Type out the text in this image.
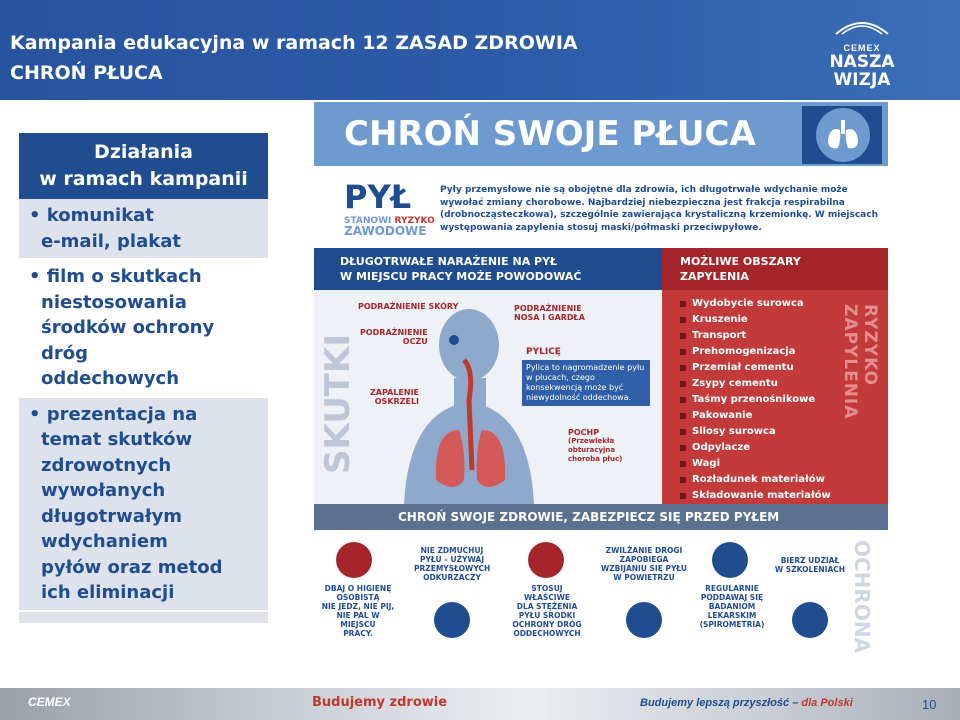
Kampania edukacyjna w ramach 12 ZASAD ZDROWIA
CHROŃ PŁUCA
CEMEX
NASZA
WIZJA
Działania
w ramach kampanii
• komunikat
e-mail, plakat
• film o skutkach
niestosowania
środków ochrony
dróg
oddechowych
• prezentacja na
temat skutków
zdrowotnych
wywołanych
długotrwałym
wdychaniem
pyłów oraz metod
ich eliminacji
CHROŃ SWOJE PŁUCA
PYŁ
STANOWI RYZYKO
ZAWODOWE
Pyły przemysłowe nie są obojętne dla zdrowia, ich długotrwałe wdychanie może wywołać zmiany chorobowe. Najbardziej niebezpieczna jest frakcja respirabilna (drobnocząsteczkowa), szczególnie zawierająca krystaliczną krzemionkę. W miejscach występowania zapylenia stosuj maski/półmaski przeciwpyłowe.
DŁUGOTRWAŁE NARAŻENIE NA PYŁ
W MIEJSCU PRACY MOŻE POWODOWAĆ
MOŻLIWE OBSZARY
ZAPYLENIA
SKUTKI
PODRAŻNIENIE SKÓRY
PODRAŻNIENIE
OCZU
ZAPALENIE
OSKRZELI
PODRAŻNIENIE
NOSA I GARDŁA
PYLICĘ
Pylica to nagromadzenie pyłu w płucach, czego konsekwencją może być niewydolność oddechowa.
POCHP
(Przewlekła obturacyjna
choroba płuc)
Wydobycie surowca
Kruszenie
Transport
Prehomogenizacja
Przemiał cementu
Zsypy cementu
Taśmy przenośnikowe
Pakowanie
Silosy surowca
Odpylacze
Wagi
Rozładunek materiałów
Składowanie materiałów
RYZYKO ZAPYLENIA
CHROŃ SWOJE ZDROWIE, ZABEZPIECZ SIĘ PRZED PYŁEM
OCHRONA
DBAJ O HIGIENĘ
OSOBISTĄ
NIE JEDZ, NIE PIJ,
NIE PAL W MIEJSCU
PRACY.
NIE ZDMUCHUJ
PYŁU – UŻYWAJ
PRZEMYSŁOWYCH
ODKURZACZY
STOSUJ WŁAŚCIWE
DLA STĘŻENIA
PYŁU ŚRODKI
OCHRONY DRÓG
ODDECHOWYCH
ZWILŻANIE DROGI
ZAPOBIEGA
WZBIJANIU SIĘ PYŁU
W POWIETRZU
REGULARNIE
PODDAWAJ SIĘ
BADANIOM
LEKARSKIM
(SPIROMETRIA)
BIERZ UDZIAŁ
W SZKOLENIACH
CEMEX	Budujemy zdrowie	Budujemy lepszą przyszłość – dla Polski	10
